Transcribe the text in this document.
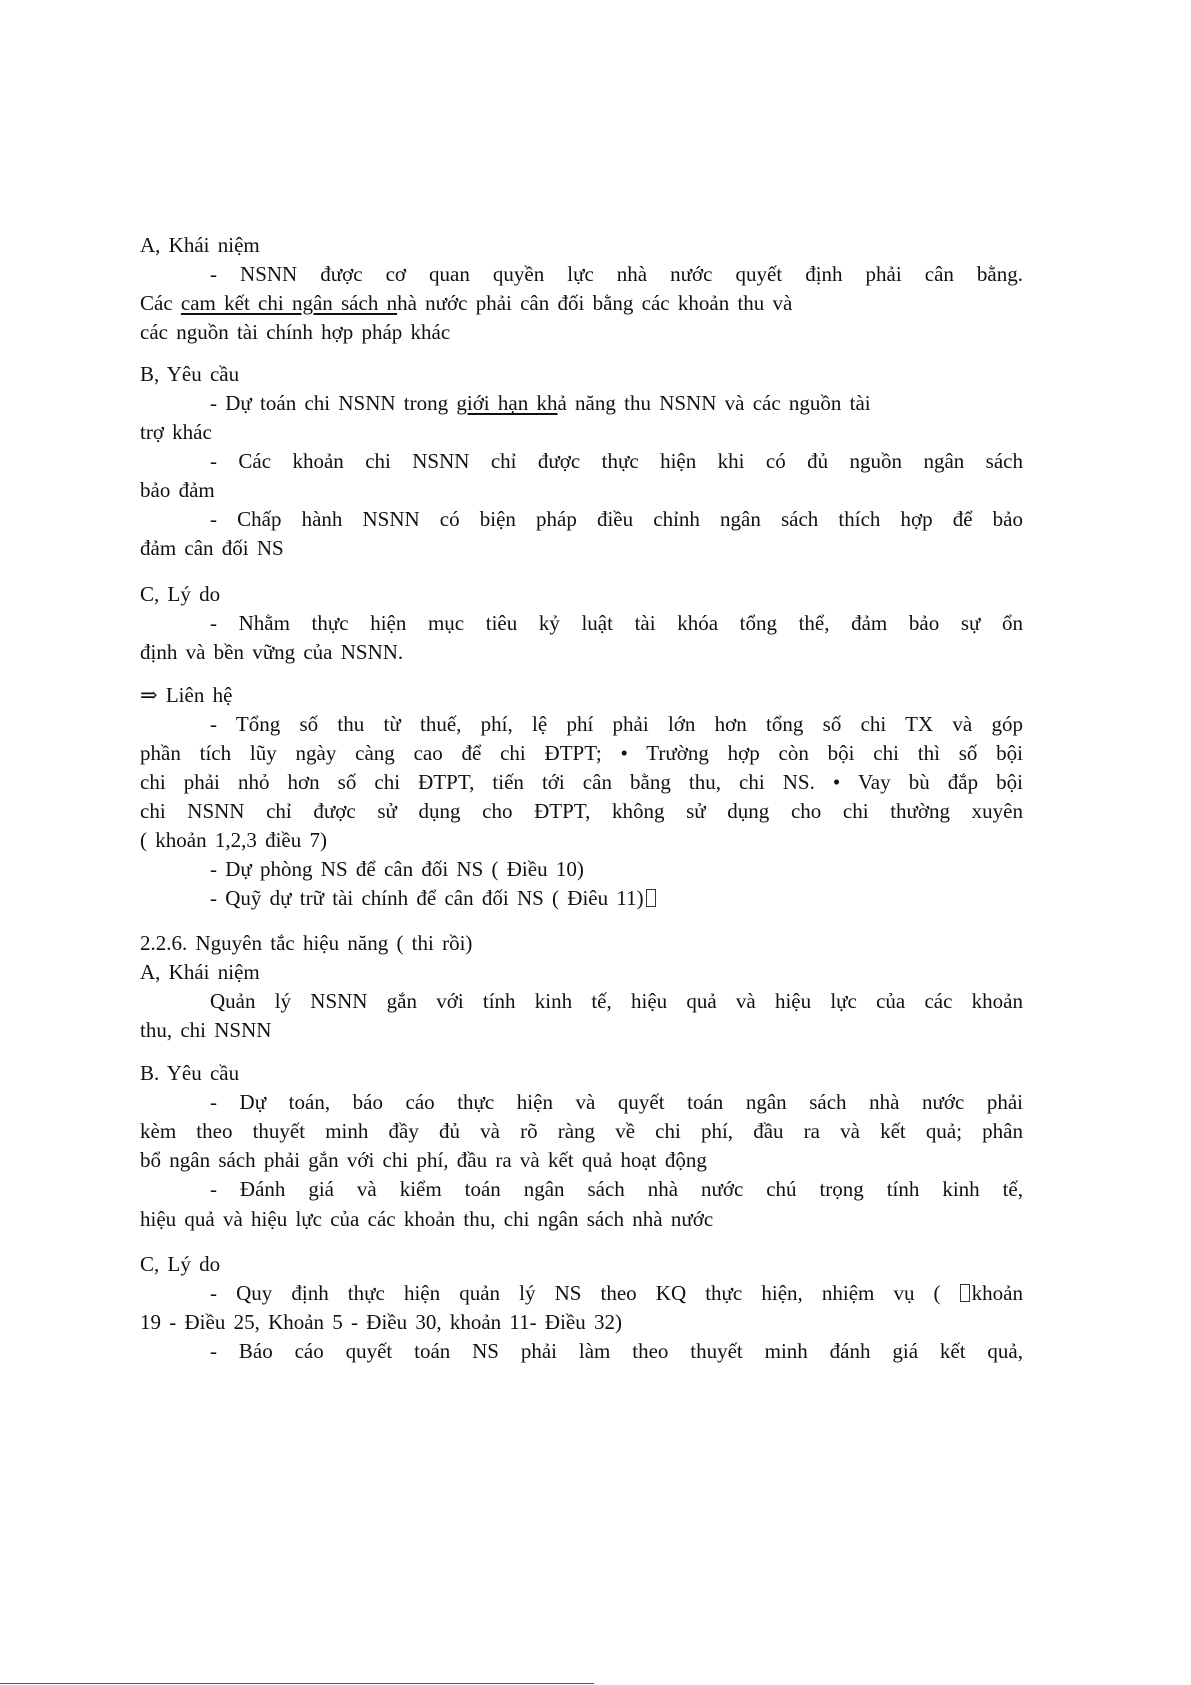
A, Khái niệm
- NSNN được cơ quan quyền lực nhà nước quyết định phải cân bằng.
Các cam kết chi ngân sách nhà nước phải cân đối bằng các khoản thu và
các nguồn tài chính hợp pháp khác
B, Yêu cầu
- Dự toán chi NSNN trong giới hạn khả năng thu NSNN và các nguồn tài
trợ khác
- Các khoản chi NSNN chỉ được thực hiện khi có đủ nguồn ngân sách
bảo đảm
- Chấp hành NSNN có biện pháp điều chỉnh ngân sách thích hợp để bảo
đảm cân đối NS
C, Lý do
- Nhằm thực hiện mục tiêu kỷ luật tài khóa tổng thể, đảm bảo sự ổn
định và bền vững của NSNN.
⇒ Liên hệ
- Tổng số thu từ thuế, phí, lệ phí phải lớn hơn tổng số chi TX và góp
phần tích lũy ngày càng cao để chi ĐTPT; • Trường hợp còn bội chi thì số bội
chi phải nhỏ hơn số chi ĐTPT, tiến tới cân bằng thu, chi NS. • Vay bù đắp bội
chi NSNN chỉ được sử dụng cho ĐTPT, không sử dụng cho chi thường xuyên
( khoản 1,2,3 điều 7)
- Dự phòng NS để cân đối NS ( Điều 10)
- Quỹ dự trữ tài chính để cân đối NS ( Điêu 11)
2.2.6. Nguyên tắc hiệu năng ( thi rồi)
A, Khái niệm
Quản lý NSNN gắn với tính kinh tế, hiệu quả và hiệu lực của các khoản
thu, chi NSNN
B. Yêu cầu
- Dự toán, báo cáo thực hiện và quyết toán ngân sách nhà nước phải
kèm theo thuyết minh đầy đủ và rõ ràng về chi phí, đầu ra và kết quả; phân
bổ ngân sách phải gắn với chi phí, đầu ra và kết quả hoạt động
- Đánh giá và kiểm toán ngân sách nhà nước chú trọng tính kinh tế,
hiệu quả và hiệu lực của các khoản thu, chi ngân sách nhà nước
C, Lý do
- Quy định thực hiện quản lý NS theo KQ thực hiện, nhiệm vụ ( khoản
19 - Điều 25, Khoản 5 - Điều 30, khoản 11- Điều 32)
- Báo cáo quyết toán NS phải làm theo thuyết minh đánh giá kết quả,
